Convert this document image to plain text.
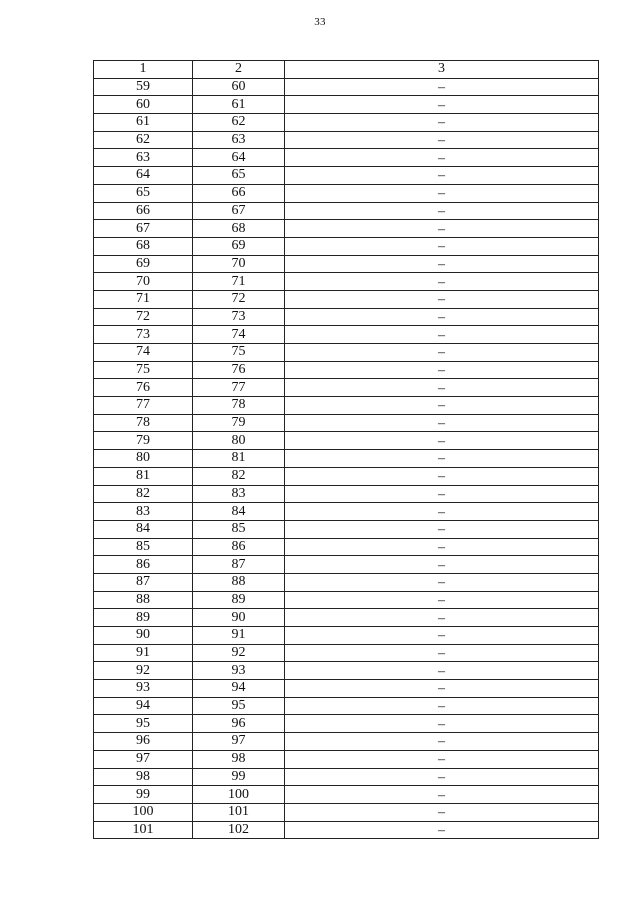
33
1	2	3
59	60	–
60	61	–
61	62	–
62	63	–
63	64	–
64	65	–
65	66	–
66	67	–
67	68	–
68	69	–
69	70	–
70	71	–
71	72	–
72	73	–
73	74	–
74	75	–
75	76	–
76	77	–
77	78	–
78	79	–
79	80	–
80	81	–
81	82	–
82	83	–
83	84	–
84	85	–
85	86	–
86	87	–
87	88	–
88	89	–
89	90	–
90	91	–
91	92	–
92	93	–
93	94	–
94	95	–
95	96	–
96	97	–
97	98	–
98	99	–
99	100	–
100	101	–
101	102	–
